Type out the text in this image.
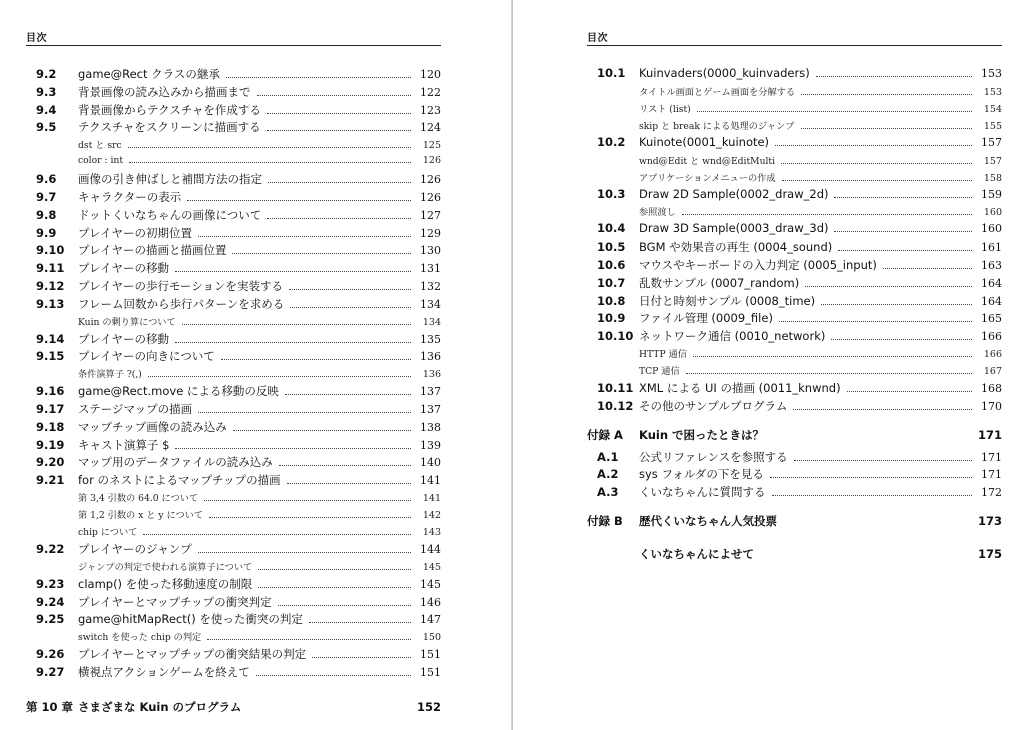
目次
9.2	game@Rect クラスの継承	120
9.3	背景画像の読み込みから描画まで	122
9.4	背景画像からテクスチャを作成する	123
9.5	テクスチャをスクリーンに描画する	124
dst と src	125
color : int	126
9.6	画像の引き伸ばしと補間方法の指定	126
9.7	キャラクターの表示	126
9.8	ドットくいなちゃんの画像について	127
9.9	プレイヤーの初期位置	129
9.10	プレイヤーの描画と描画位置	130
9.11	プレイヤーの移動	131
9.12	プレイヤーの歩行モーションを実装する	132
9.13	フレーム回数から歩行パターンを求める	134
Kuin の剰り算について	134
9.14	プレイヤーの移動	135
9.15	プレイヤーの向きについて	136
条件演算子 ?(,)	136
9.16	game@Rect.move による移動の反映	137
9.17	ステージマップの描画	137
9.18	マップチップ画像の読み込み	138
9.19	キャスト演算子 $	139
9.20	マップ用のデータファイルの読み込み	140
9.21	for のネストによるマップチップの描画	141
第 3,4 引数の 64.0 について	141
第 1,2 引数の x と y について	142
chip について	143
9.22	プレイヤーのジャンプ	144
ジャンプの判定で使われる演算子について	145
9.23	clamp() を使った移動速度の制限	145
9.24	プレイヤーとマップチップの衝突判定	146
9.25	game@hitMapRect() を使った衝突の判定	147
switch を使った chip の判定	150
9.26	プレイヤーとマップチップの衝突結果の判定	151
9.27	横視点アクションゲームを終えて	151
第 10 章 さまざまな Kuin のプログラム	152
目次
10.1	Kuinvaders(0000_kuinvaders)	153
タイトル画面とゲーム画面を分解する	153
リスト (list)	154
skip と break による処理のジャンプ	155
10.2	Kuinote(0001_kuinote)	157
wnd@Edit と wnd@EditMulti	157
アプリケーションメニューの作成	158
10.3	Draw 2D Sample(0002_draw_2d)	159
参照渡し	160
10.4	Draw 3D Sample(0003_draw_3d)	160
10.5	BGM や効果音の再生 (0004_sound)	161
10.6	マウスやキーボードの入力判定 (0005_input)	163
10.7	乱数サンプル (0007_random)	164
10.8	日付と時刻サンプル (0008_time)	164
10.9	ファイル管理 (0009_file)	165
10.10 ネットワーク通信 (0010_network)	166
HTTP 通信	166
TCP 通信	167
10.11 XML による UI の描画 (0011_knwnd)	168
10.12 その他のサンプルプログラム	170
付録 A	Kuin で困ったときは？	171
A.1	公式リファレンスを参照する	171
A.2	sys フォルダの下を見る	171
A.3	くいなちゃんに質問する	172
付録 B	歴代くいなちゃん人気投票	173
くいなちゃんによせて	175
